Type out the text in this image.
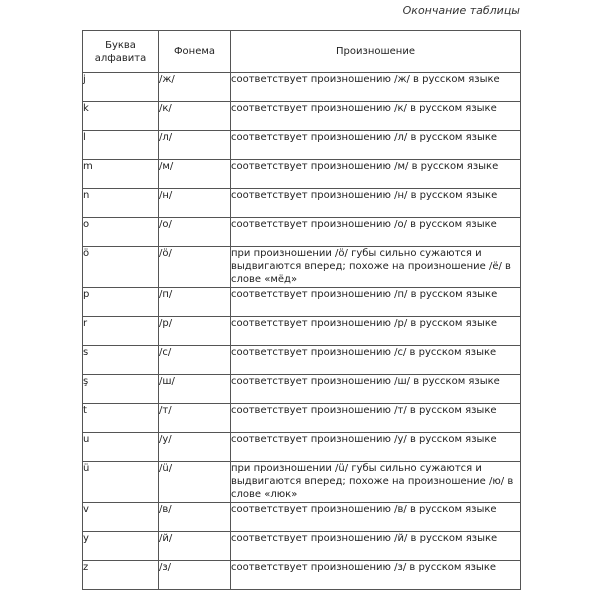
Окончание таблицы
Буква алфавита	Фонема	Произношение
j	/ж/	соответствует произношению /ж/ в русском языке
k	/к/	соответствует произношению /к/ в русском языке
l	/л/	соответствует произношению /л/ в русском языке
m	/м/	соответствует произношению /м/ в русском языке
n	/н/	соответствует произношению /н/ в русском языке
o	/о/	соответствует произношению /о/ в русском языке
ö	/ö/	при произношении /ö/ губы сильно сужаются и выдвигаются вперед; похоже на произношение /ё/ в слове «мёд»
p	/п/	соответствует произношению /п/ в русском языке
r	/р/	соответствует произношению /р/ в русском языке
s	/с/	соответствует произношению /с/ в русском языке
ş	/ш/	соответствует произношению /ш/ в русском языке
t	/т/	соответствует произношению /т/ в русском языке
u	/у/	соответствует произношению /у/ в русском языке
ü	/ü/	при произношении /ü/ губы сильно сужаются и выдвигаются вперед; похоже на произношение /ю/ в слове «люк»
v	/в/	соответствует произношению /в/ в русском языке
y	/й/	соответствует произношению /й/ в русском языке
z	/з/	соответствует произношению /з/ в русском языке
